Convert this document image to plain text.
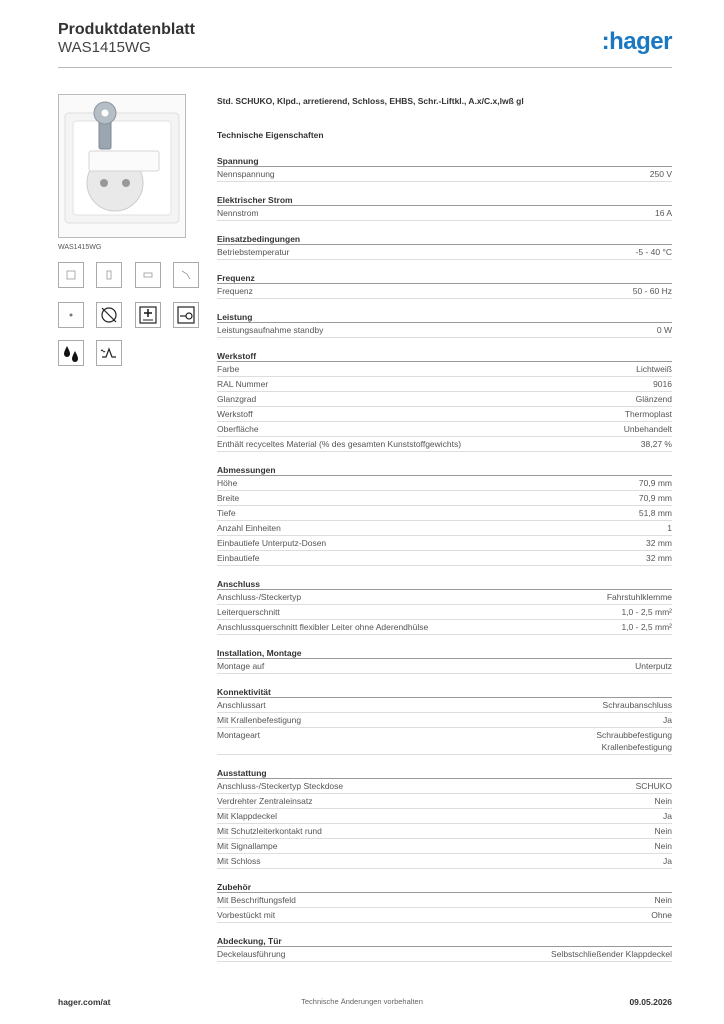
Produktdatenblatt
WAS1415WG	:hager
WAS1415WG
Std. SCHUKO, Klpd., arretierend, Schloss, EHBS, Schr.-Liftkl., A.x/C.x,lwß gl
Technische Eigenschaften
Spannung
Nennspannung	250 V
Elektrischer Strom
Nennstrom	16 A
Einsatzbedingungen
Betriebstemperatur	-5 - 40 °C
Frequenz
Frequenz	50 - 60 Hz
Leistung
Leistungsaufnahme standby	0 W
Werkstoff
Farbe	Lichtweiß
RAL Nummer	9016
Glanzgrad	Glänzend
Werkstoff	Thermoplast
Oberfläche	Unbehandelt
Enthält recyceltes Material (% des gesamten Kunststoffgewichts)	38,27 %
Abmessungen
Höhe	70,9 mm
Breite	70,9 mm
Tiefe	51,8 mm
Anzahl Einheiten	1
Einbautiefe Unterputz-Dosen	32 mm
Einbautiefe	32 mm
Anschluss
Anschluss-/Steckertyp	Fahrstuhlklemme
Leiterquerschnitt	1,0 - 2,5 mm²
Anschlussquerschnitt flexibler Leiter ohne Aderendhülse	1,0 - 2,5 mm²
Installation, Montage
Montage auf	Unterputz
Konnektivität
Anschlussart	Schraubanschluss
Mit Krallenbefestigung	Ja
Montageart	Schraubbefestigung
Krallenbefestigung
Ausstattung
Anschluss-/Steckertyp Steckdose	SCHUKO
Verdrehter Zentraleinsatz	Nein
Mit Klappdeckel	Ja
Mit Schutzleiterkontakt rund	Nein
Mit Signallampe	Nein
Mit Schloss	Ja
Zubehör
Mit Beschriftungsfeld	Nein
Vorbestückt mit	Ohne
Abdeckung, Tür
Deckelausführung	Selbstschließender Klappdeckel
hager.com/at	Technische Änderungen vorbehalten	09.05.2026
